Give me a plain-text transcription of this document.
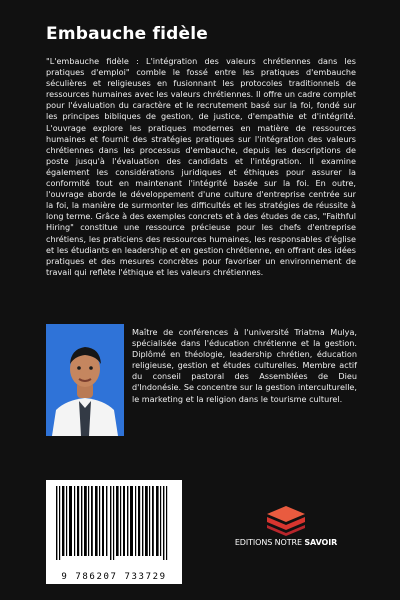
Embauche fidèle
"L'embauche fidèle : L'intégration des valeurs chrétiennes dans les pratiques d'emploi" comble le fossé entre les pratiques d'embauche séculières et religieuses en fusionnant les protocoles traditionnels de ressources humaines avec les valeurs chrétiennes. Il offre un cadre complet pour l'évaluation du caractère et le recrutement basé sur la foi, fondé sur les principes bibliques de gestion, de justice, d'empathie et d'intégrité. L'ouvrage explore les pratiques modernes en matière de ressources humaines et fournit des stratégies pratiques sur l'intégration des valeurs chrétiennes dans les processus d'embauche, depuis les descriptions de poste jusqu'à l'évaluation des candidats et l'intégration. Il examine également les considérations juridiques et éthiques pour assurer la conformité tout en maintenant l'intégrité basée sur la foi. En outre, l'ouvrage aborde le développement d'une culture d'entreprise centrée sur la foi, la manière de surmonter les difficultés et les stratégies de réussite à long terme. Grâce à des exemples concrets et à des études de cas, "Faithful Hiring" constitue une ressource précieuse pour les chefs d'entreprise chrétiens, les praticiens des ressources humaines, les responsables d'église et les étudiants en leadership et en gestion chrétienne, en offrant des idées pratiques et des mesures concrètes pour favoriser un environnement de travail qui reflète l'éthique et les valeurs chrétiennes.
Maître de conférences à l'université Triatma Mulya, spécialisée dans l'éducation chrétienne et la gestion. Diplômé en théologie, leadership chrétien, éducation religieuse, gestion et études culturelles. Membre actif du conseil pastoral des Assemblées de Dieu d'Indonésie. Se concentre sur la gestion interculturelle, le marketing et la religion dans le tourisme culturel.
9 786207 733729
EDITIONS NOTRE SAVOIR
